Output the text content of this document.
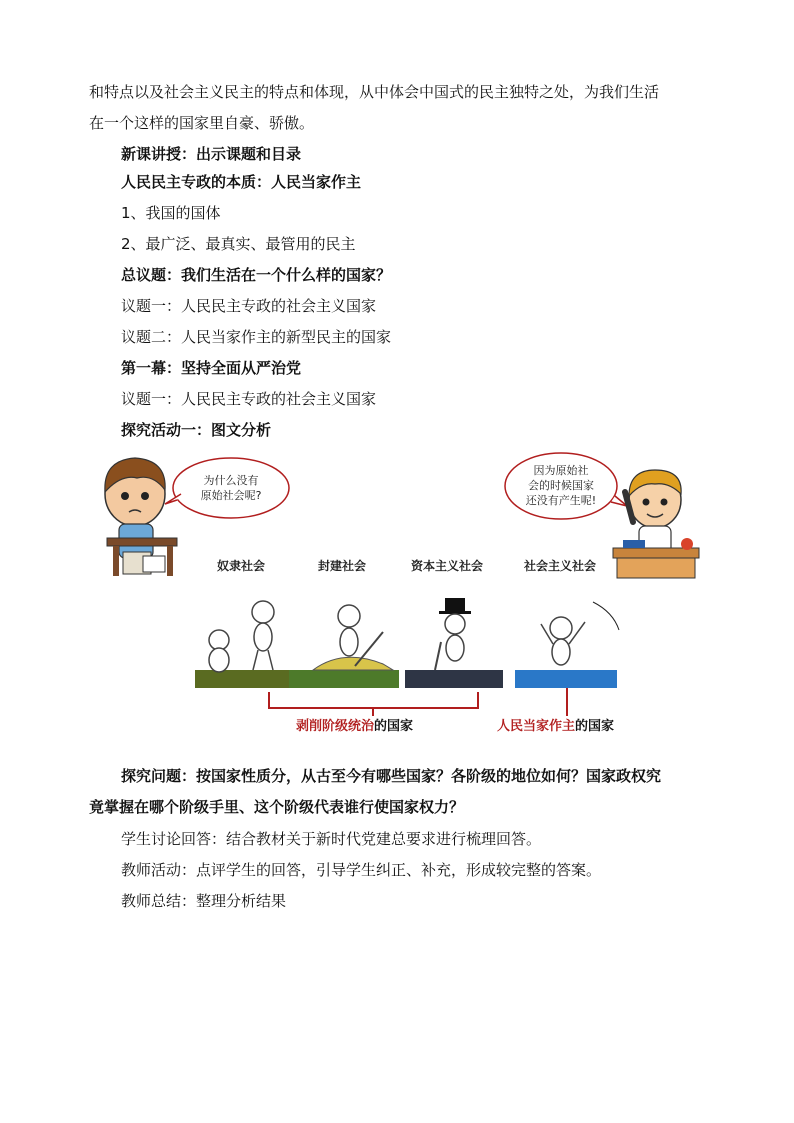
和特点以及社会主义民主的特点和体现，从中体会中国式的民主独特之处，为我们生活
在一个这样的国家里自豪、骄傲。
新课讲授：出示课题和目录
人民民主专政的本质：人民当家作主
1、我国的国体
2、最广泛、最真实、最管用的民主
总议题：我们生活在一个什么样的国家？
议题一：人民民主专政的社会主义国家
议题二：人民当家作主的新型民主的国家
第一幕：坚持全面从严治党
议题一：人民民主专政的社会主义国家
探究活动一：图文分析
为什么没有
原始社会呢?
因为原始社
会的时候国家
还没有产生呢!
奴隶社会	封建社会	资本主义社会	社会主义社会
剥削阶级统治的国家	人民当家作主的国家
探究问题：按国家性质分，从古至今有哪些国家？各阶级的地位如何？国家政权究
竟掌握在哪个阶级手里、这个阶级代表谁行使国家权力？
学生讨论回答：结合教材关于新时代党建总要求进行梳理回答。
教师活动：点评学生的回答，引导学生纠正、补充，形成较完整的答案。
教师总结：整理分析结果
